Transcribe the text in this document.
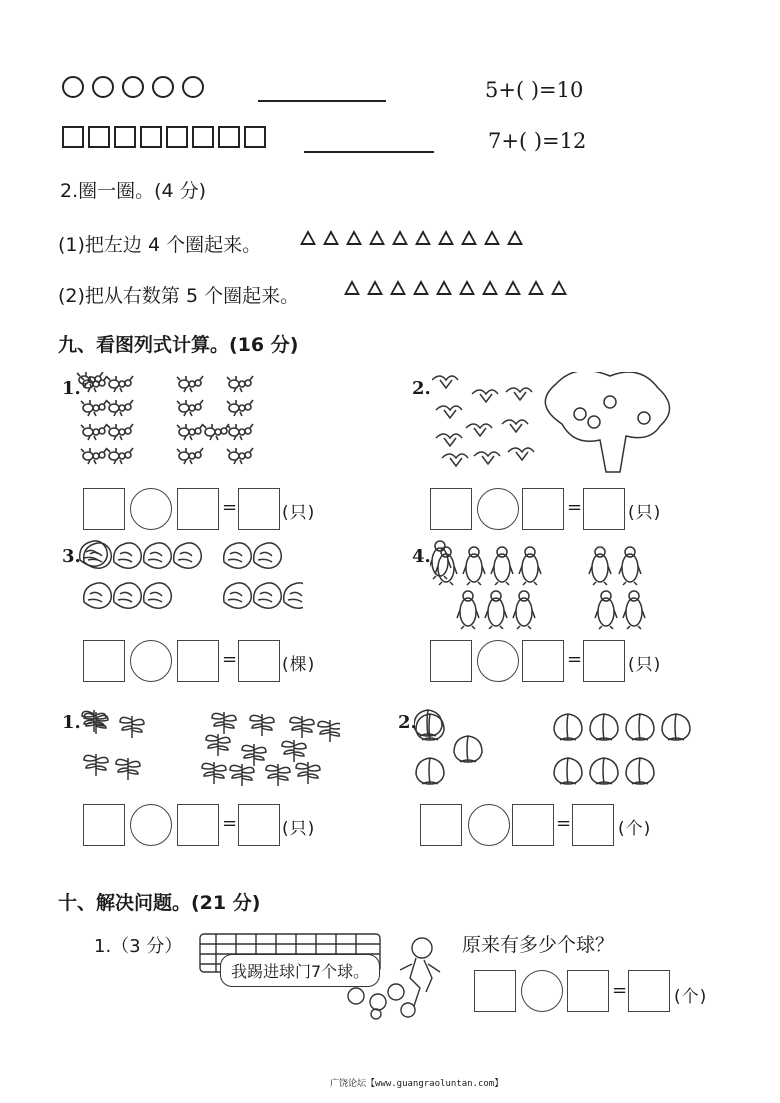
5+( )=10
7+( )=12
2.圈一圈。(4 分)
(1)把左边 4 个圈起来。
(2)把从右数第 5 个圈起来。
九、看图列式计算。(16 分)
1.
=	(只)
2.
=	(只)
3.
=	(棵)
4.
=	(只)
1.
=	(只)
2.
=	(个)
十、解决问题。(21 分)
1.（3 分）
我踢进球门7个球。
原来有多少个球？
=	(个)
广饶论坛【www.guangraoluntan.com】
